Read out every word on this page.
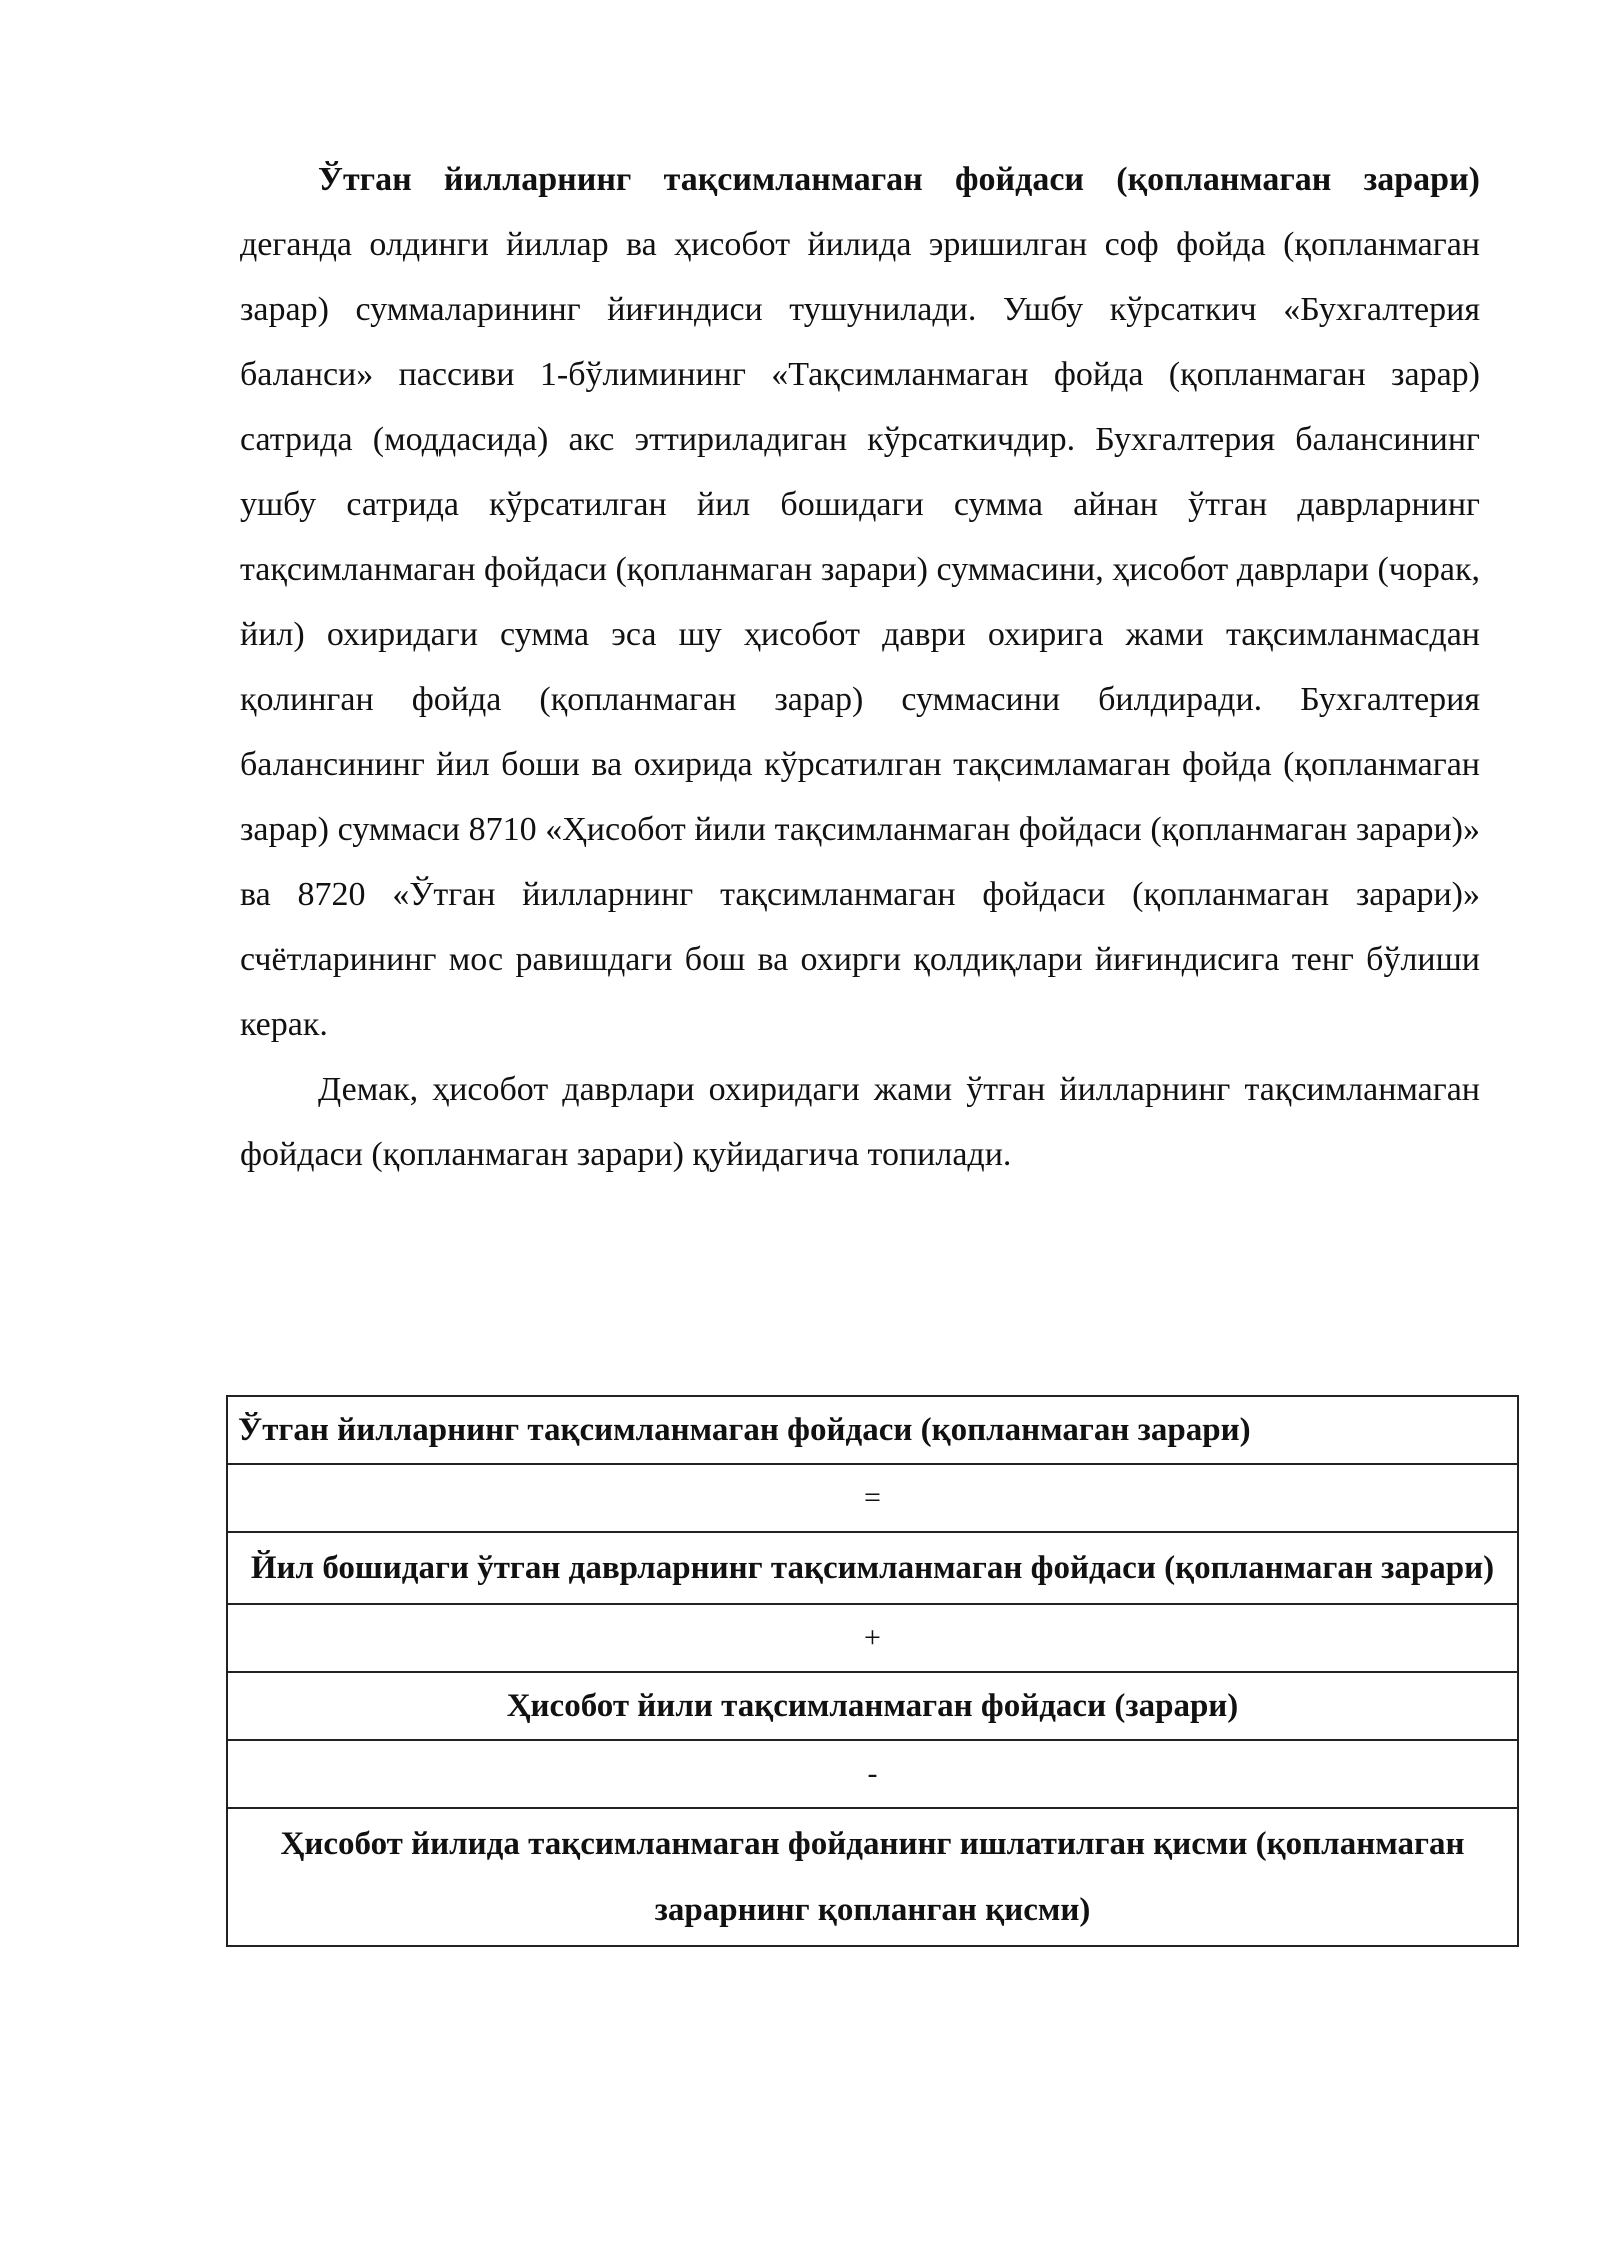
Ўтган йилларнинг тақсимланмаган фойдаси (қопланмаган зарари) деганда олдинги йиллар ва ҳисобот йилида эришилган соф фойда (қопланмаган зарар) суммаларининг йиғиндиси тушунилади. Ушбу кўрсаткич «Бухгалтерия баланси» пассиви 1-бўлимининг «Тақсимланмаган фойда (қопланмаган зарар) сатрида (моддасида) акс эттириладиган кўрсаткичдир. Бухгалтерия балансининг ушбу сатрида кўрсатилган йил бошидаги сумма айнан ўтган даврларнинг тақсимланмаган фойдаси (қопланмаган зарари) суммасини, ҳисобот даврлари (чорак, йил) охиридаги сумма эса шу ҳисобот даври охирига жами тақсимланмасдан қолинган фойда (қопланмаган зарар) суммасини билдиради. Бухгалтерия балансининг йил боши ва охирида кўрсатилган тақсимламаган фойда (қопланмаган зарар) суммаси 8710 «Ҳисобот йили тақсимланмаган фойдаси (қопланмаган зарари)» ва 8720 «Ўтган йилларнинг тақсимланмаган фойдаси (қопланмаган зарари)» счётларининг мос равишдаги бош ва охирги қолдиқлари йиғиндисига тенг бўлиши керак.

Демак, ҳисобот даврлари охиридаги жами ўтган йилларнинг тақсимланмаган фойдаси (қопланмаган зарари) қуйидагича топилади.

Ўтган йилларнинг тақсимланмаган фойдаси (қопланмаган зарари)
=
Йил бошидаги ўтган даврларнинг тақсимланмаган фойдаси (қопланмаган зарари)
+
Ҳисобот йили тақсимланмаган фойдаси (зарари)
-
Ҳисобот йилида тақсимланмаган фойданинг ишлатилган қисми (қопланмаган зарарнинг қопланган қисми)
